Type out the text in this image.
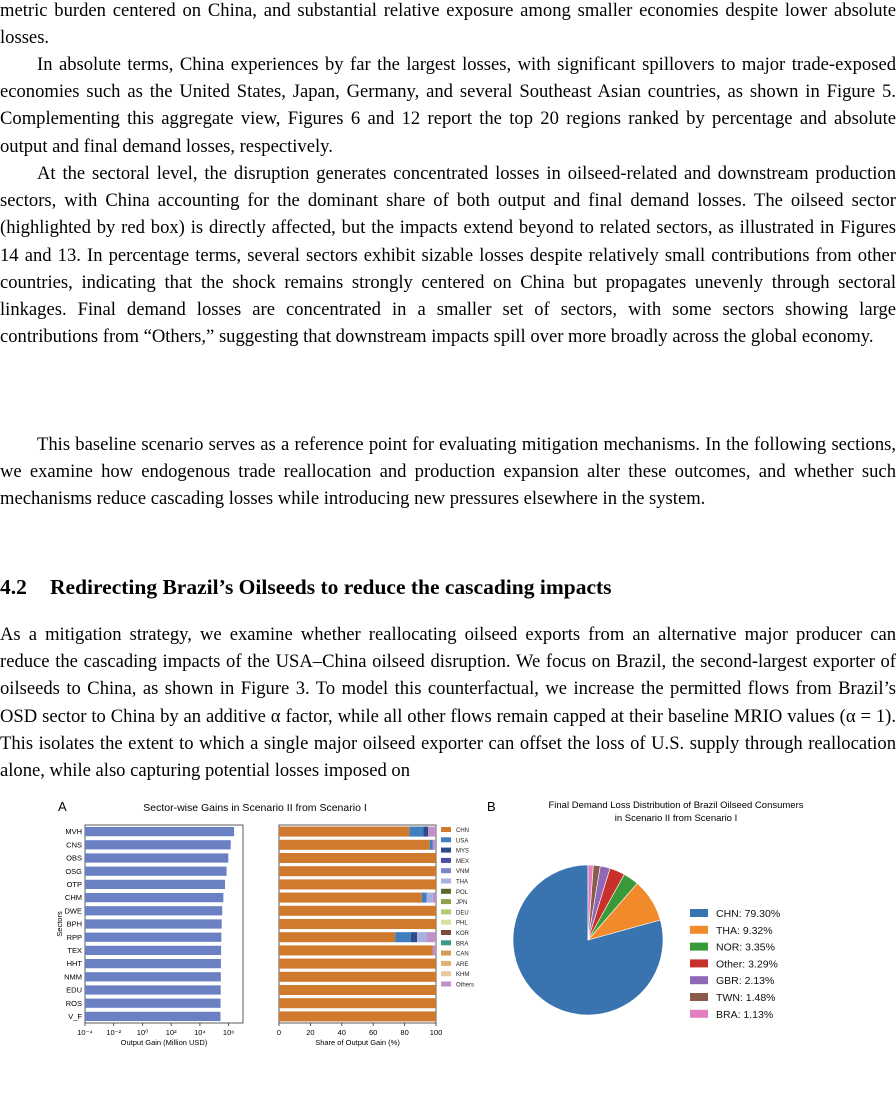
metric burden centered on China, and substantial relative exposure among smaller economies despite lower absolute losses.

In absolute terms, China experiences by far the largest losses, with significant spillovers to major trade-exposed economies such as the United States, Japan, Germany, and several Southeast Asian countries, as shown in Figure 5. Complementing this aggregate view, Figures 6 and 12 report the top 20 regions ranked by percentage and absolute output and final demand losses, respectively.

At the sectoral level, the disruption generates concentrated losses in oilseed-related and downstream production sectors, with China accounting for the dominant share of both output and final demand losses. The oilseed sector (highlighted by red box) is directly affected, but the impacts extend beyond to related sectors, as illustrated in Figures 14 and 13. In percentage terms, several sectors exhibit sizable losses despite relatively small contributions from other countries, indicating that the shock remains strongly centered on China but propagates unevenly through sectoral linkages. Final demand losses are concentrated in a smaller set of sectors, with some sectors showing large contributions from “Others,” suggesting that downstream impacts spill over more broadly across the global economy.

This baseline scenario serves as a reference point for evaluating mitigation mechanisms. In the following sections, we examine how endogenous trade reallocation and production expansion alter these outcomes, and whether such mechanisms reduce cascading losses while introducing new pressures elsewhere in the system.

4.2 Redirecting Brazil’s Oilseeds to reduce the cascading impacts

As a mitigation strategy, we examine whether reallocating oilseed exports from an alternative major producer can reduce the cascading impacts of the USA–China oilseed disruption. We focus on Brazil, the second-largest exporter of oilseeds to China, as shown in Figure 3. To model this counterfactual, we increase the permitted flows from Brazil’s OSD sector to China by an additive α factor, while all other flows remain capped at their baseline MRIO values (α = 1). This isolates the extent to which a single major oilseed exporter can offset the loss of U.S. supply through reallocation alone, while also capturing potential losses imposed on

A	Sector-wise Gains in Scenario II from Scenario I
MVH
CNS
OBS
OSG
OTP
CHM
DWE
BPH
RPP
TEX
HHT
NMM
EDU
ROS
V_F
10⁻⁴ 10⁻² 10⁰ 10² 10⁴ 10⁶
Output Gain (Million USD)
Sectors
0	20	40	60	80	100
Share of Output Gain (%)
CHN
USA
MYS
MEX
VNM
THA
POL
JPN
DEU
PHL
KOR
BRA
CAN
ARE
KHM
Others
B	Final Demand Loss Distribution of Brazil Oilseed Consumers
in Scenario II from Scenario I
CHN: 79.30%
THA: 9.32%
NOR: 3.35%
Other: 3.29%
GBR: 2.13%
TWN: 1.48%
BRA: 1.13%
